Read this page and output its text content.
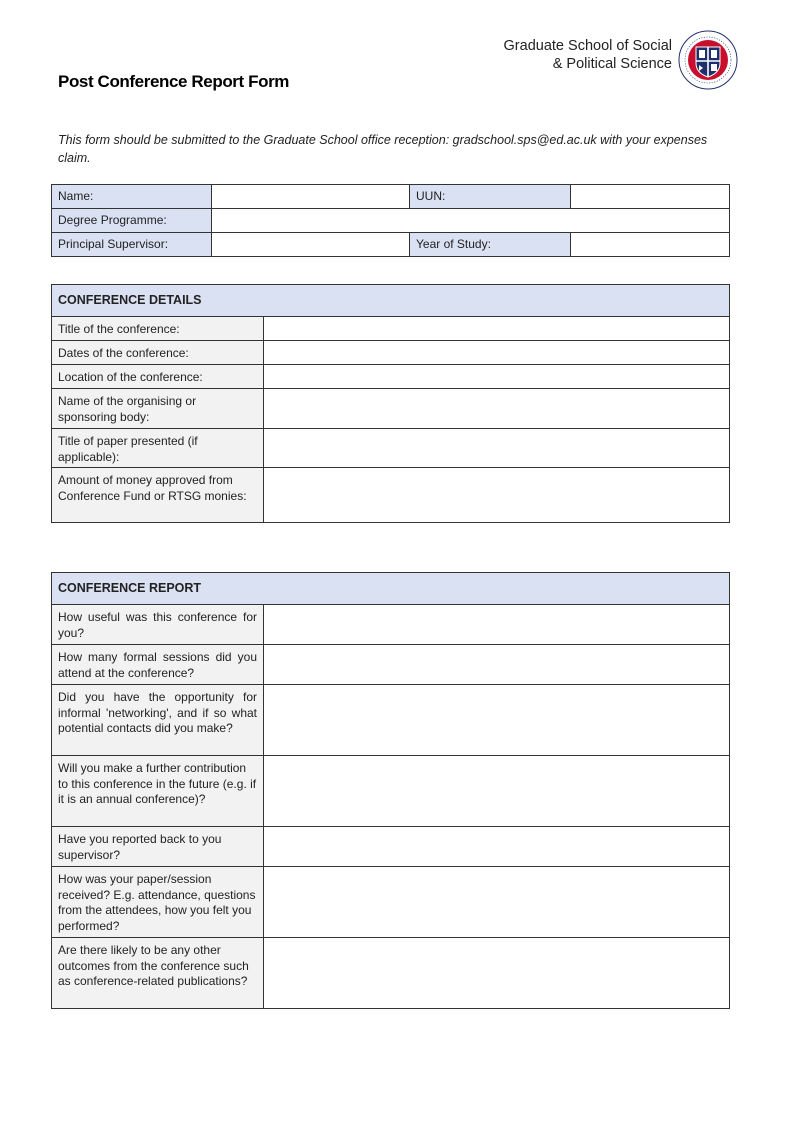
Graduate School of Social
& Political Science
Post Conference Report Form
This form should be submitted to the Graduate School office reception: gradschool.sps@ed.ac.uk with your expenses claim.
Name:		UUN:	
Degree Programme:			
Principal Supervisor:		Year of Study:	
CONFERENCE DETAILS	
Title of the conference:	
Dates of the conference:	
Location of the conference:	
Name of the organising or sponsoring body:	
Title of paper presented (if applicable):	
Amount of money approved from Conference Fund or RTSG monies:	
CONFERENCE REPORT	
How useful was this conference for you?	
How many formal sessions did you attend at the conference?	
Did you have the opportunity for informal 'networking', and if so what potential contacts did you make?	
Will you make a further contribution to this conference in the future (e.g. if it is an annual conference)?	
Have you reported back to you supervisor?	
How was your paper/session received? E.g. attendance, questions from the attendees, how you felt you performed?	
Are there likely to be any other outcomes from the conference such as conference-related publications?	
